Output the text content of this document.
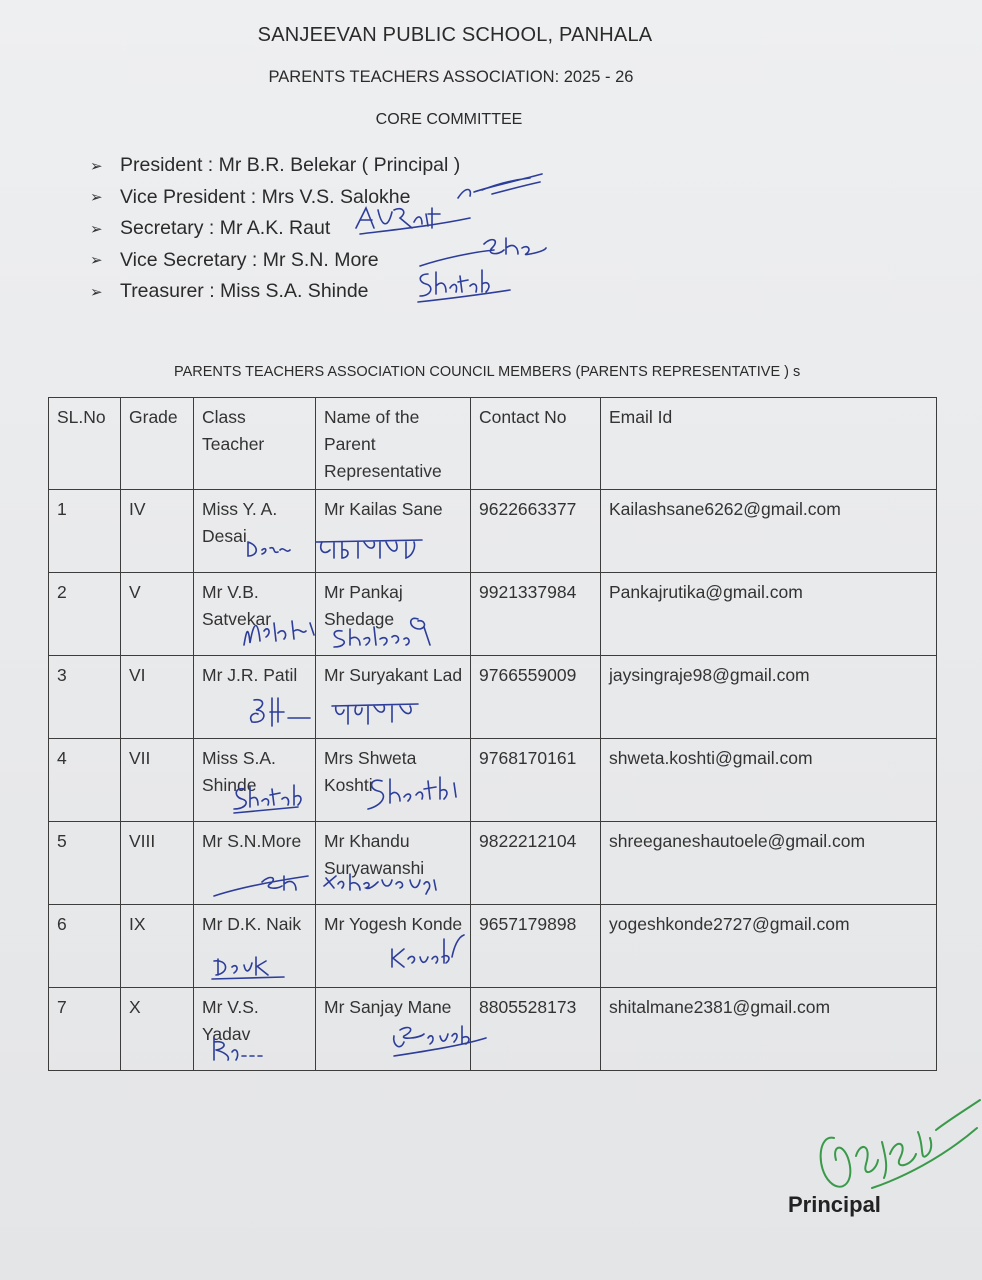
SANJEEVAN PUBLIC SCHOOL, PANHALA
PARENTS TEACHERS ASSOCIATION: 2025 - 26
CORE COMMITTEE
➢ President : Mr B.R. Belekar ( Principal )
➢ Vice President : Mrs V.S. Salokhe
➢ Secretary : Mr A.K. Raut
➢ Vice Secretary : Mr S.N. More
➢ Treasurer : Miss S.A. Shinde
PARENTS TEACHERS ASSOCIATION COUNCIL MEMBERS (PARENTS REPRESENTATIVE ) s
SL.No	Grade	Class Teacher	Name of the Parent Representative	Contact No	Email Id
1	IV	Miss Y. A. Desai	Mr Kailas Sane	9622663377	Kailashsane6262@gmail.com
2	V	Mr V.B. Satvekar	Mr Pankaj Shedage	9921337984	Pankajrutika@gmail.com
3	VI	Mr J.R. Patil	Mr Suryakant Lad	9766559009	jaysingraje98@gmail.com
4	VII	Miss S.A. Shinde	Mrs Shweta Koshti	9768170161	shweta.koshti@gmail.com
5	VIII	Mr S.N.More	Mr Khandu Suryawanshi	9822212104	shreeganeshautoele@gmail.com
6	IX	Mr D.K. Naik	Mr Yogesh Konde	9657179898	yogeshkonde2727@gmail.com
7	X	Mr V.S. Yadav	Mr Sanjay Mane	8805528173	shitalmane2381@gmail.com
Principal
